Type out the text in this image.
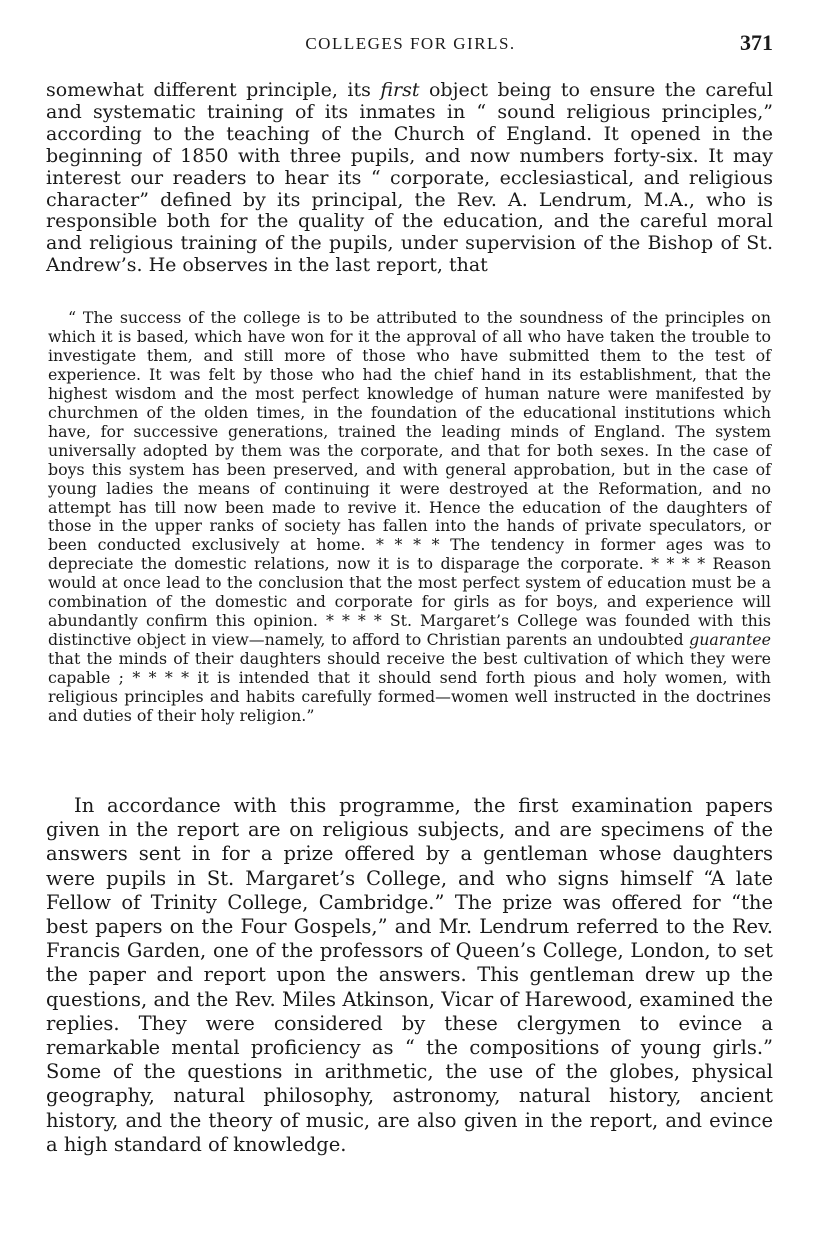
COLLEGES FOR GIRLS.	371

somewhat different principle, its first object being to ensure the careful and systematic training of its inmates in “ sound religious principles,” according to the teaching of the Church of England. It opened in the beginning of 1850 with three pupils, and now numbers forty-six. It may interest our readers to hear its “ corporate, ecclesiastical, and religious character” defined by its principal, the Rev. A. Lendrum, M.A., who is responsible both for the quality of the education, and the careful moral and religious training of the pupils, under supervision of the Bishop of St. Andrew’s. He observes in the last report, that

“ The success of the college is to be attributed to the soundness of the principles on which it is based, which have won for it the approval of all who have taken the trouble to investigate them, and still more of those who have submitted them to the test of experience. It was felt by those who had the chief hand in its establishment, that the highest wisdom and the most perfect knowledge of human nature were manifested by churchmen of the olden times, in the foundation of the educational institutions which have, for successive generations, trained the leading minds of England. The system universally adopted by them was the corporate, and that for both sexes. In the case of boys this system has been preserved, and with general approbation, but in the case of young ladies the means of continuing it were destroyed at the Reformation, and no attempt has till now been made to revive it. Hence the education of the daughters of those in the upper ranks of society has fallen into the hands of private speculators, or been conducted exclusively at home. * * * * The tendency in former ages was to depreciate the domestic relations, now it is to disparage the corporate. * * * * Reason would at once lead to the conclusion that the most perfect system of education must be a combination of the domestic and corporate for girls as for boys, and experience will abundantly confirm this opinion. * * * * St. Margaret’s College was founded with this distinctive object in view—namely, to afford to Christian parents an undoubted guarantee that the minds of their daughters should receive the best cultivation of which they were capable ; * * * * it is intended that it should send forth pious and holy women, with religious principles and habits carefully formed—women well instructed in the doctrines and duties of their holy religion.”

In accordance with this programme, the first examination papers given in the report are on religious subjects, and are specimens of the answers sent in for a prize offered by a gentleman whose daughters were pupils in St. Margaret’s College, and who signs himself “A late Fellow of Trinity College, Cambridge.” The prize was offered for “the best papers on the Four Gospels,” and Mr. Lendrum referred to the Rev. Francis Garden, one of the professors of Queen’s College, London, to set the paper and report upon the answers. This gentleman drew up the questions, and the Rev. Miles Atkinson, Vicar of Harewood, examined the replies. They were considered by these clergymen to evince a remarkable mental proficiency as “ the compositions of young girls.” Some of the questions in arithmetic, the use of the globes, physical geography, natural philosophy, astronomy, natural history, ancient history, and the theory of music, are also given in the report, and evince a high standard of knowledge.
